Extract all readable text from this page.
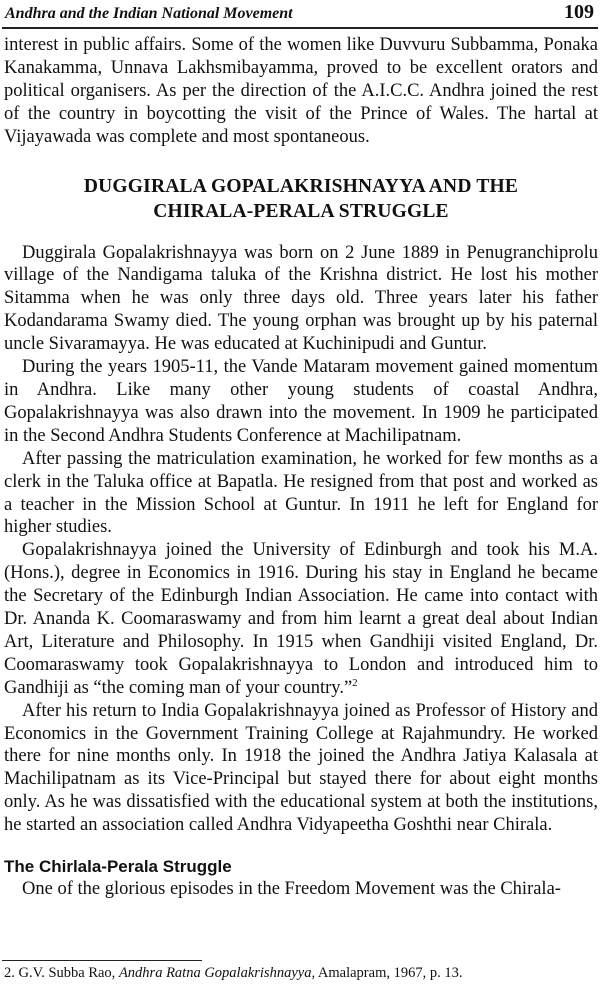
Andhra and the Indian National Movement	109

interest in public affairs. Some of the women like Duvvuru Subbamma, Ponaka Kanakamma, Unnava Lakhsmibayamma, proved to be excellent orators and political organisers. As per the direction of the A.I.C.C. Andhra joined the rest of the country in boycotting the visit of the Prince of Wales. The hartal at Vijayawada was complete and most spontaneous.

DUGGIRALA GOPALAKRISHNAYYA AND THE
CHIRALA-PERALA STRUGGLE

Duggirala Gopalakrishnayya was born on 2 June 1889 in Penugranchiprolu village of the Nandigama taluka of the Krishna district. He lost his mother Sitamma when he was only three days old. Three years later his father Kodandarama Swamy died. The young orphan was brought up by his paternal uncle Sivaramayya. He was educated at Kuchinipudi and Guntur.

During the years 1905-11, the Vande Mataram movement gained momentum in Andhra. Like many other young students of coastal Andhra, Gopalakrishnayya was also drawn into the movement. In 1909 he participated in the Second Andhra Students Conference at Machilipatnam.

After passing the matriculation examination, he worked for few months as a clerk in the Taluka office at Bapatla. He resigned from that post and worked as a teacher in the Mission School at Guntur. In 1911 he left for England for higher studies.

Gopalakrishnayya joined the University of Edinburgh and took his M.A. (Hons.), degree in Economics in 1916. During his stay in England he became the Secretary of the Edinburgh Indian Association. He came into contact with Dr. Ananda K. Coomaraswamy and from him learnt a great deal about Indian Art, Literature and Philosophy. In 1915 when Gandhiji visited England, Dr. Coomaraswamy took Gopalakrishnayya to London and introduced him to Gandhiji as “the coming man of your country.”$^2$

After his return to India Gopalakrishnayya joined as Professor of History and Economics in the Government Training College at Rajahmundry. He worked there for nine months only. In 1918 the joined the Andhra Jatiya Kalasala at Machilipatnam as its Vice-Principal but stayed there for about eight months only. As he was dissatisfied with the educational system at both the institutions, he started an association called Andhra Vidyapeetha Goshthi near Chirala.

The Chirlala-Perala Struggle

One of the glorious episodes in the Freedom Movement was the Chirala-

2. G.V. Subba Rao, Andhra Ratna Gopalakrishnayya, Amalapram, 1967, p. 13.
